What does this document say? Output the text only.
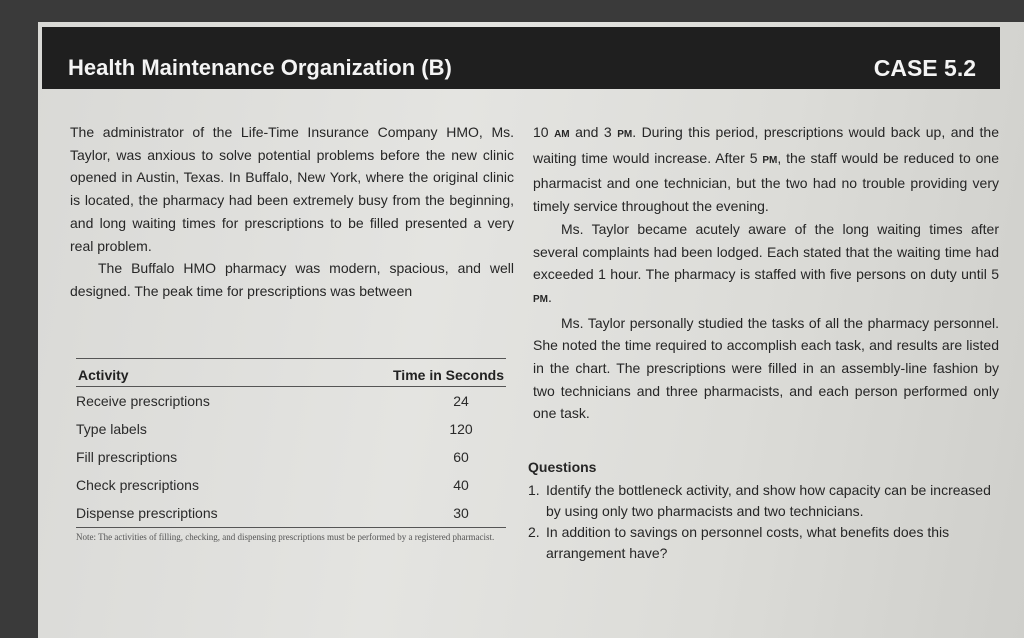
Health Maintenance Organization (B)	CASE 5.2

The administrator of the Life-Time Insurance Company HMO, Ms. Taylor, was anxious to solve potential problems before the new clinic opened in Austin, Texas. In Buffalo, New York, where the original clinic is located, the pharmacy had been extremely busy from the beginning, and long waiting times for prescriptions to be filled presented a very real problem.

The Buffalo HMO pharmacy was modern, spacious, and well designed. The peak time for prescriptions was between

10 AM and 3 PM. During this period, prescriptions would back up, and the waiting time would increase. After 5 PM, the staff would be reduced to one pharmacist and one technician, but the two had no trouble providing very timely service throughout the evening.

Ms. Taylor became acutely aware of the long waiting times after several complaints had been lodged. Each stated that the waiting time had exceeded 1 hour. The pharmacy is staffed with five persons on duty until 5 PM.

Ms. Taylor personally studied the tasks of all the pharmacy personnel. She noted the time required to accomplish each task, and results are listed in the chart. The prescriptions were filled in an assembly-line fashion by two technicians and three pharmacists, and each person performed only one task.

Activity	Time in Seconds
Receive prescriptions	24
Type labels	120
Fill prescriptions	60
Check prescriptions	40
Dispense prescriptions	30
Note: The activities of filling, checking, and dispensing prescriptions must be performed by a registered pharmacist.
Questions
1. Identify the bottleneck activity, and show how capacity can be increased by using only two pharmacists and two technicians.
2. In addition to savings on personnel costs, what benefits does this arrangement have?
